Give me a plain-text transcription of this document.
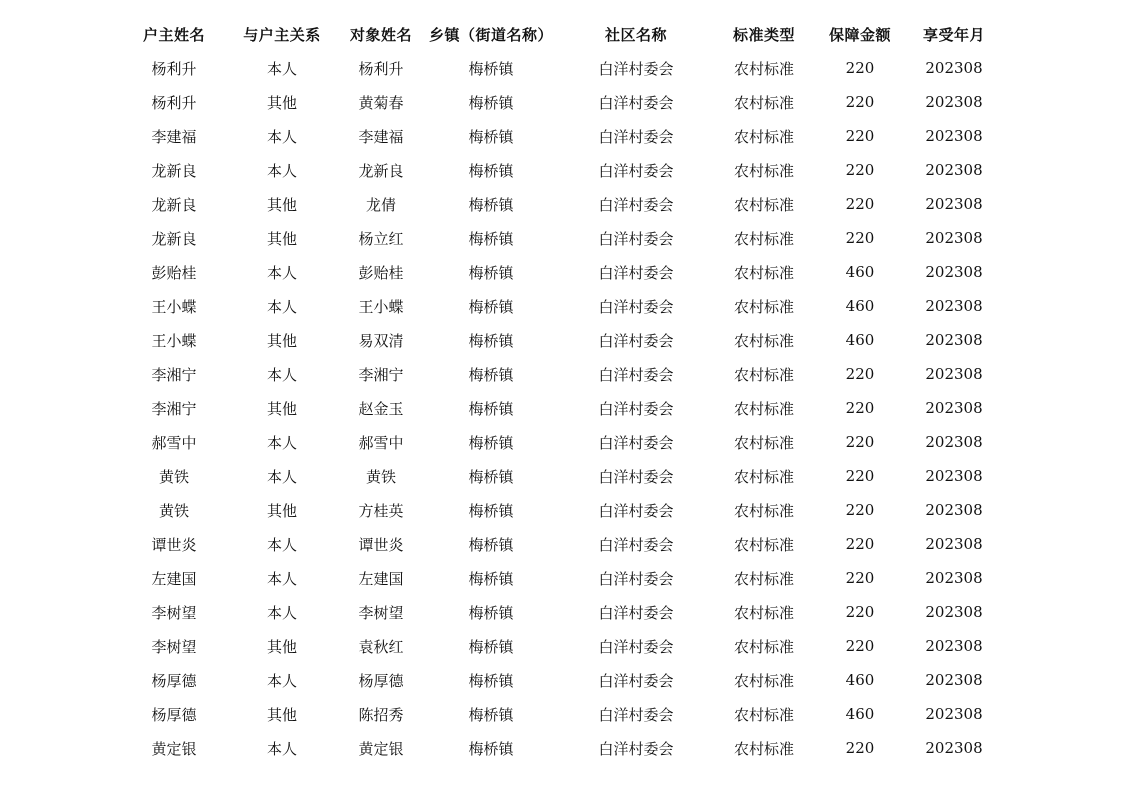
户主姓名	与户主关系	对象姓名	乡镇（街道名称）	社区名称	标准类型	保障金额	享受年月
杨利升	本人	杨利升	梅桥镇	白洋村委会	农村标准	220	202308
杨利升	其他	黄菊春	梅桥镇	白洋村委会	农村标准	220	202308
李建福	本人	李建福	梅桥镇	白洋村委会	农村标准	220	202308
龙新良	本人	龙新良	梅桥镇	白洋村委会	农村标准	220	202308
龙新良	其他	龙倩	梅桥镇	白洋村委会	农村标准	220	202308
龙新良	其他	杨立红	梅桥镇	白洋村委会	农村标准	220	202308
彭贻桂	本人	彭贻桂	梅桥镇	白洋村委会	农村标准	460	202308
王小蝶	本人	王小蝶	梅桥镇	白洋村委会	农村标准	460	202308
王小蝶	其他	易双清	梅桥镇	白洋村委会	农村标准	460	202308
李湘宁	本人	李湘宁	梅桥镇	白洋村委会	农村标准	220	202308
李湘宁	其他	赵金玉	梅桥镇	白洋村委会	农村标准	220	202308
郝雪中	本人	郝雪中	梅桥镇	白洋村委会	农村标准	220	202308
黄铁	本人	黄铁	梅桥镇	白洋村委会	农村标准	220	202308
黄铁	其他	方桂英	梅桥镇	白洋村委会	农村标准	220	202308
谭世炎	本人	谭世炎	梅桥镇	白洋村委会	农村标准	220	202308
左建国	本人	左建国	梅桥镇	白洋村委会	农村标准	220	202308
李树望	本人	李树望	梅桥镇	白洋村委会	农村标准	220	202308
李树望	其他	袁秋红	梅桥镇	白洋村委会	农村标准	220	202308
杨厚德	本人	杨厚德	梅桥镇	白洋村委会	农村标准	460	202308
杨厚德	其他	陈招秀	梅桥镇	白洋村委会	农村标准	460	202308
黄定银	本人	黄定银	梅桥镇	白洋村委会	农村标准	220	202308
